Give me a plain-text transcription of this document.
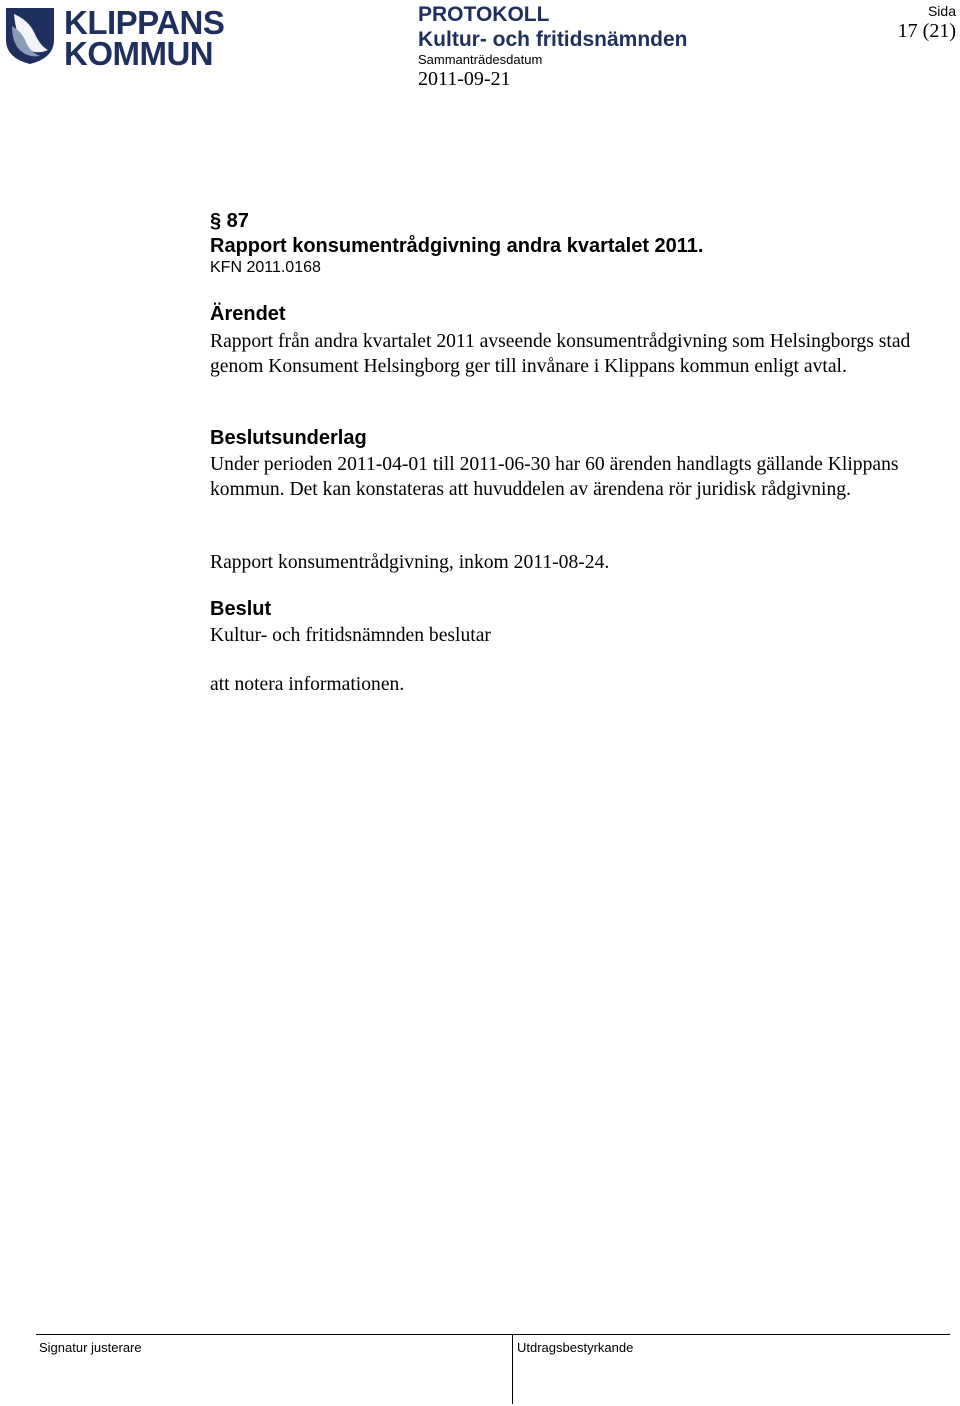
KLIPPANS
KOMMUN
PROTOKOLL
Kultur- och fritidsnämnden
Sammanträdesdatum
2011-09-21
Sida
17 (21)

§ 87

Rapport konsumentrådgivning andra kvartalet 2011.

KFN 2011.0168

Ärendet

Rapport från andra kvartalet 2011 avseende konsumentrådgivning som Helsingborgs stad genom Konsument Helsingborg ger till invånare i Klippans kommun enligt avtal.

Beslutsunderlag

Under perioden 2011-04-01 till 2011-06-30 har 60 ärenden handlagts gällande Klippans kommun. Det kan konstateras att huvuddelen av ärendena rör juridisk rådgivning.

Rapport konsumentrådgivning, inkom 2011-08-24.

Beslut

Kultur- och fritidsnämnden beslutar

att notera informationen.

Signatur justerare	Utdragsbestyrkande
